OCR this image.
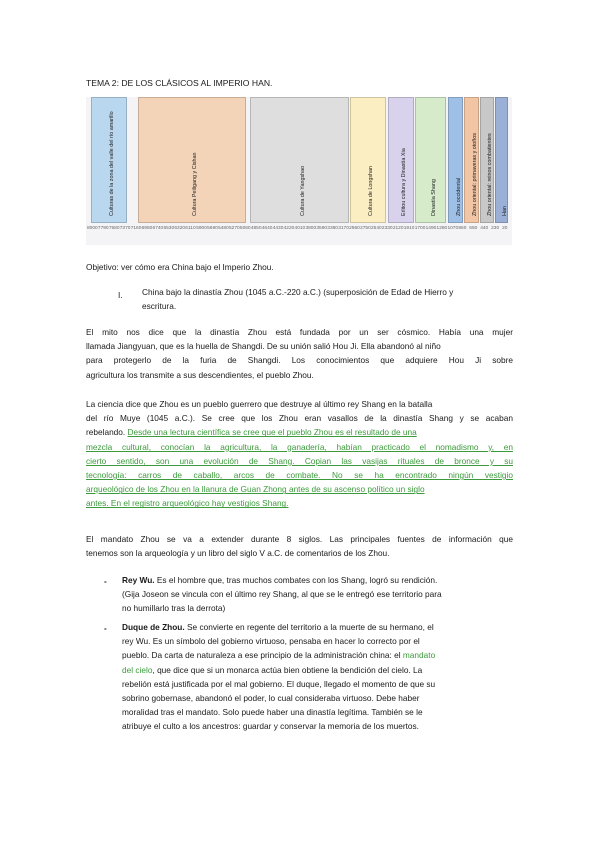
TEMA 2: DE LOS CLÁSICOS AL IMPERIO HAN.
Culturas de la zona del valle del río amarillo	Cultura Peiligang y Cishan	Cultura de Yangshao	Cultura de Longshan	Erlitou cultura y Dinastía Xia	Dinastía Shang	Zhou occidental Zhou oriental: primaveras y otoños Zhou oriental: reinos combatientes Han
8000 7790 7580 7370 7160 6950 6740 6530 6320 6110 5900 5690 5480 5270 5060 4850 4640 4430 4220 4010 3800 3590 3380 3170 2960 2750 2540 2330 2120 1910 1700 1490 1280 1070 860 650 440 230 20
Objetivo: ver cómo era China bajo el Imperio Zhou.
I. China bajo la dinastía Zhou (1045 a.C.-220 a.C.) (superposición de Edad de Hierro y
escritura.
El mito nos dice que la dinastía Zhou está fundada por un ser cósmico. Había una mujer
llamada Jiangyuan, que es la huella de Shangdi. De su unión salió Hou Ji. Ella abandonó al niño
para protegerlo de la furia de Shangdi. Los conocimientos que adquiere Hou Ji sobre
agricultura los transmite a sus descendientes, el pueblo Zhou.
La ciencia dice que Zhou es un pueblo guerrero que destruye al último rey Shang en la batalla
del río Muye (1045 a.C.). Se cree que los Zhou eran vasallos de la dinastía Shang y se acaban
rebelando. Desde una lectura científica se cree que el pueblo Zhou es el resultado de una
mezcla cultural, conocían la agricultura, la ganadería, habían practicado el nomadismo y, en
cierto sentido, son una evolución de Shang. Copian las vasijas rituales de bronce y su
tecnología: carros de caballo, arcos de combate. No se ha encontrado ningún vestigio
arqueológico de los Zhou en la llanura de Guan Zhong antes de su ascenso político un siglo
antes. En el registro arqueológico hay vestigios Shang.
El mandato Zhou se va a extender durante 8 siglos. Las principales fuentes de información que
tenemos son la arqueología y un libro del siglo V a.C. de comentarios de los Zhou.
- Rey Wu. Es el hombre que, tras muchos combates con los Shang, logró su rendición.
(Gija Joseon se vincula con el último rey Shang, al que se le entregó ese territorio para
no humillarlo tras la derrota)
- Duque de Zhou. Se convierte en regente del territorio a la muerte de su hermano, el
rey Wu. Es un símbolo del gobierno virtuoso, pensaba en hacer lo correcto por el
pueblo. Da carta de naturaleza a ese principio de la administración china: el mandato
del cielo, que dice que si un monarca actúa bien obtiene la bendición del cielo. La
rebelión está justificada por el mal gobierno. El duque, llegado el momento de que su
sobrino gobernase, abandonó el poder, lo cual consideraba virtuoso. Debe haber
moralidad tras el mandato. Solo puede haber una dinastía legítima. También se le
atribuye el culto a los ancestros: guardar y conservar la memoria de los muertos.
